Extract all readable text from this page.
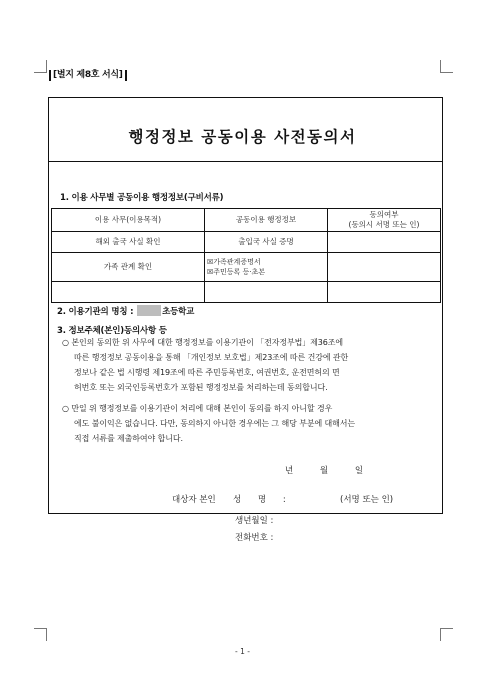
[별지 제8호 서식]
행정정보 공동이용 사전동의서
1. 이용 사무별 공동이용 행정정보(구비서류)
이용 사무(이용목적)	공동이용 행정정보	동의여부
(동의시 서명 또는 인)

해외 출국 사실 확인	출입국 사실 증명	
가족 관계 확인	☒가족관계증명서
☒주민등록 등·초본	

2. 이용기관의 명칭 :	초등학교
3. 정보주체(본인)동의사항 등
○ 본인의 동의한 위 사무에 대한 행정정보를 이용기관이 「전자정부법」제36조에
따른 행정정보 공동이용을 통해 「개인정보 보호법」제23조에 따른 건강에 관한
정보나 같은 법 시행령 제19조에 따른 주민등록번호, 여권번호, 운전면허의 면
허번호 또는 외국인등록번호가 포함된 행정정보를 처리하는데 동의합니다.
○ 만일 위 행정정보를 이용기관이 처리에 대해 본인이 동의를 하지 아니할 경우
에도 불이익은 없습니다. 다만, 동의하지 아니한 경우에는 그 해당 부분에 대해서는
직접 서류를 제출하여야 합니다.
년 월 일
대상자 본인 성 명 :	(서명 또는 인)
생년월일 :
전화번호 :
- 1 -
